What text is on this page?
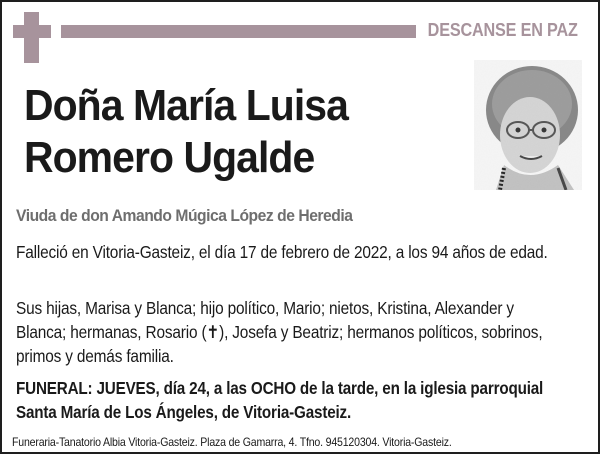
DESCANSE EN PAZ
Doña María Luisa
Romero Ugalde
Viuda de don Amando Múgica López de Heredia
Falleció en Vitoria-Gasteiz, el día 17 de febrero de 2022, a los 94 años de edad.
Sus hijas, Marisa y Blanca; hijo político, Mario; nietos, Kristina, Alexander y Blanca; hermanas, Rosario (✝), Josefa y Beatriz; hermanos políticos, sobrinos, primos y demás familia.
FUNERAL: JUEVES, día 24, a las OCHO de la tarde, en la iglesia parroquial Santa María de Los Ángeles, de Vitoria-Gasteiz.
Funeraria-Tanatorio Albia Vitoria-Gasteiz. Plaza de Gamarra, 4. Tfno. 945120304. Vitoria-Gasteiz.
